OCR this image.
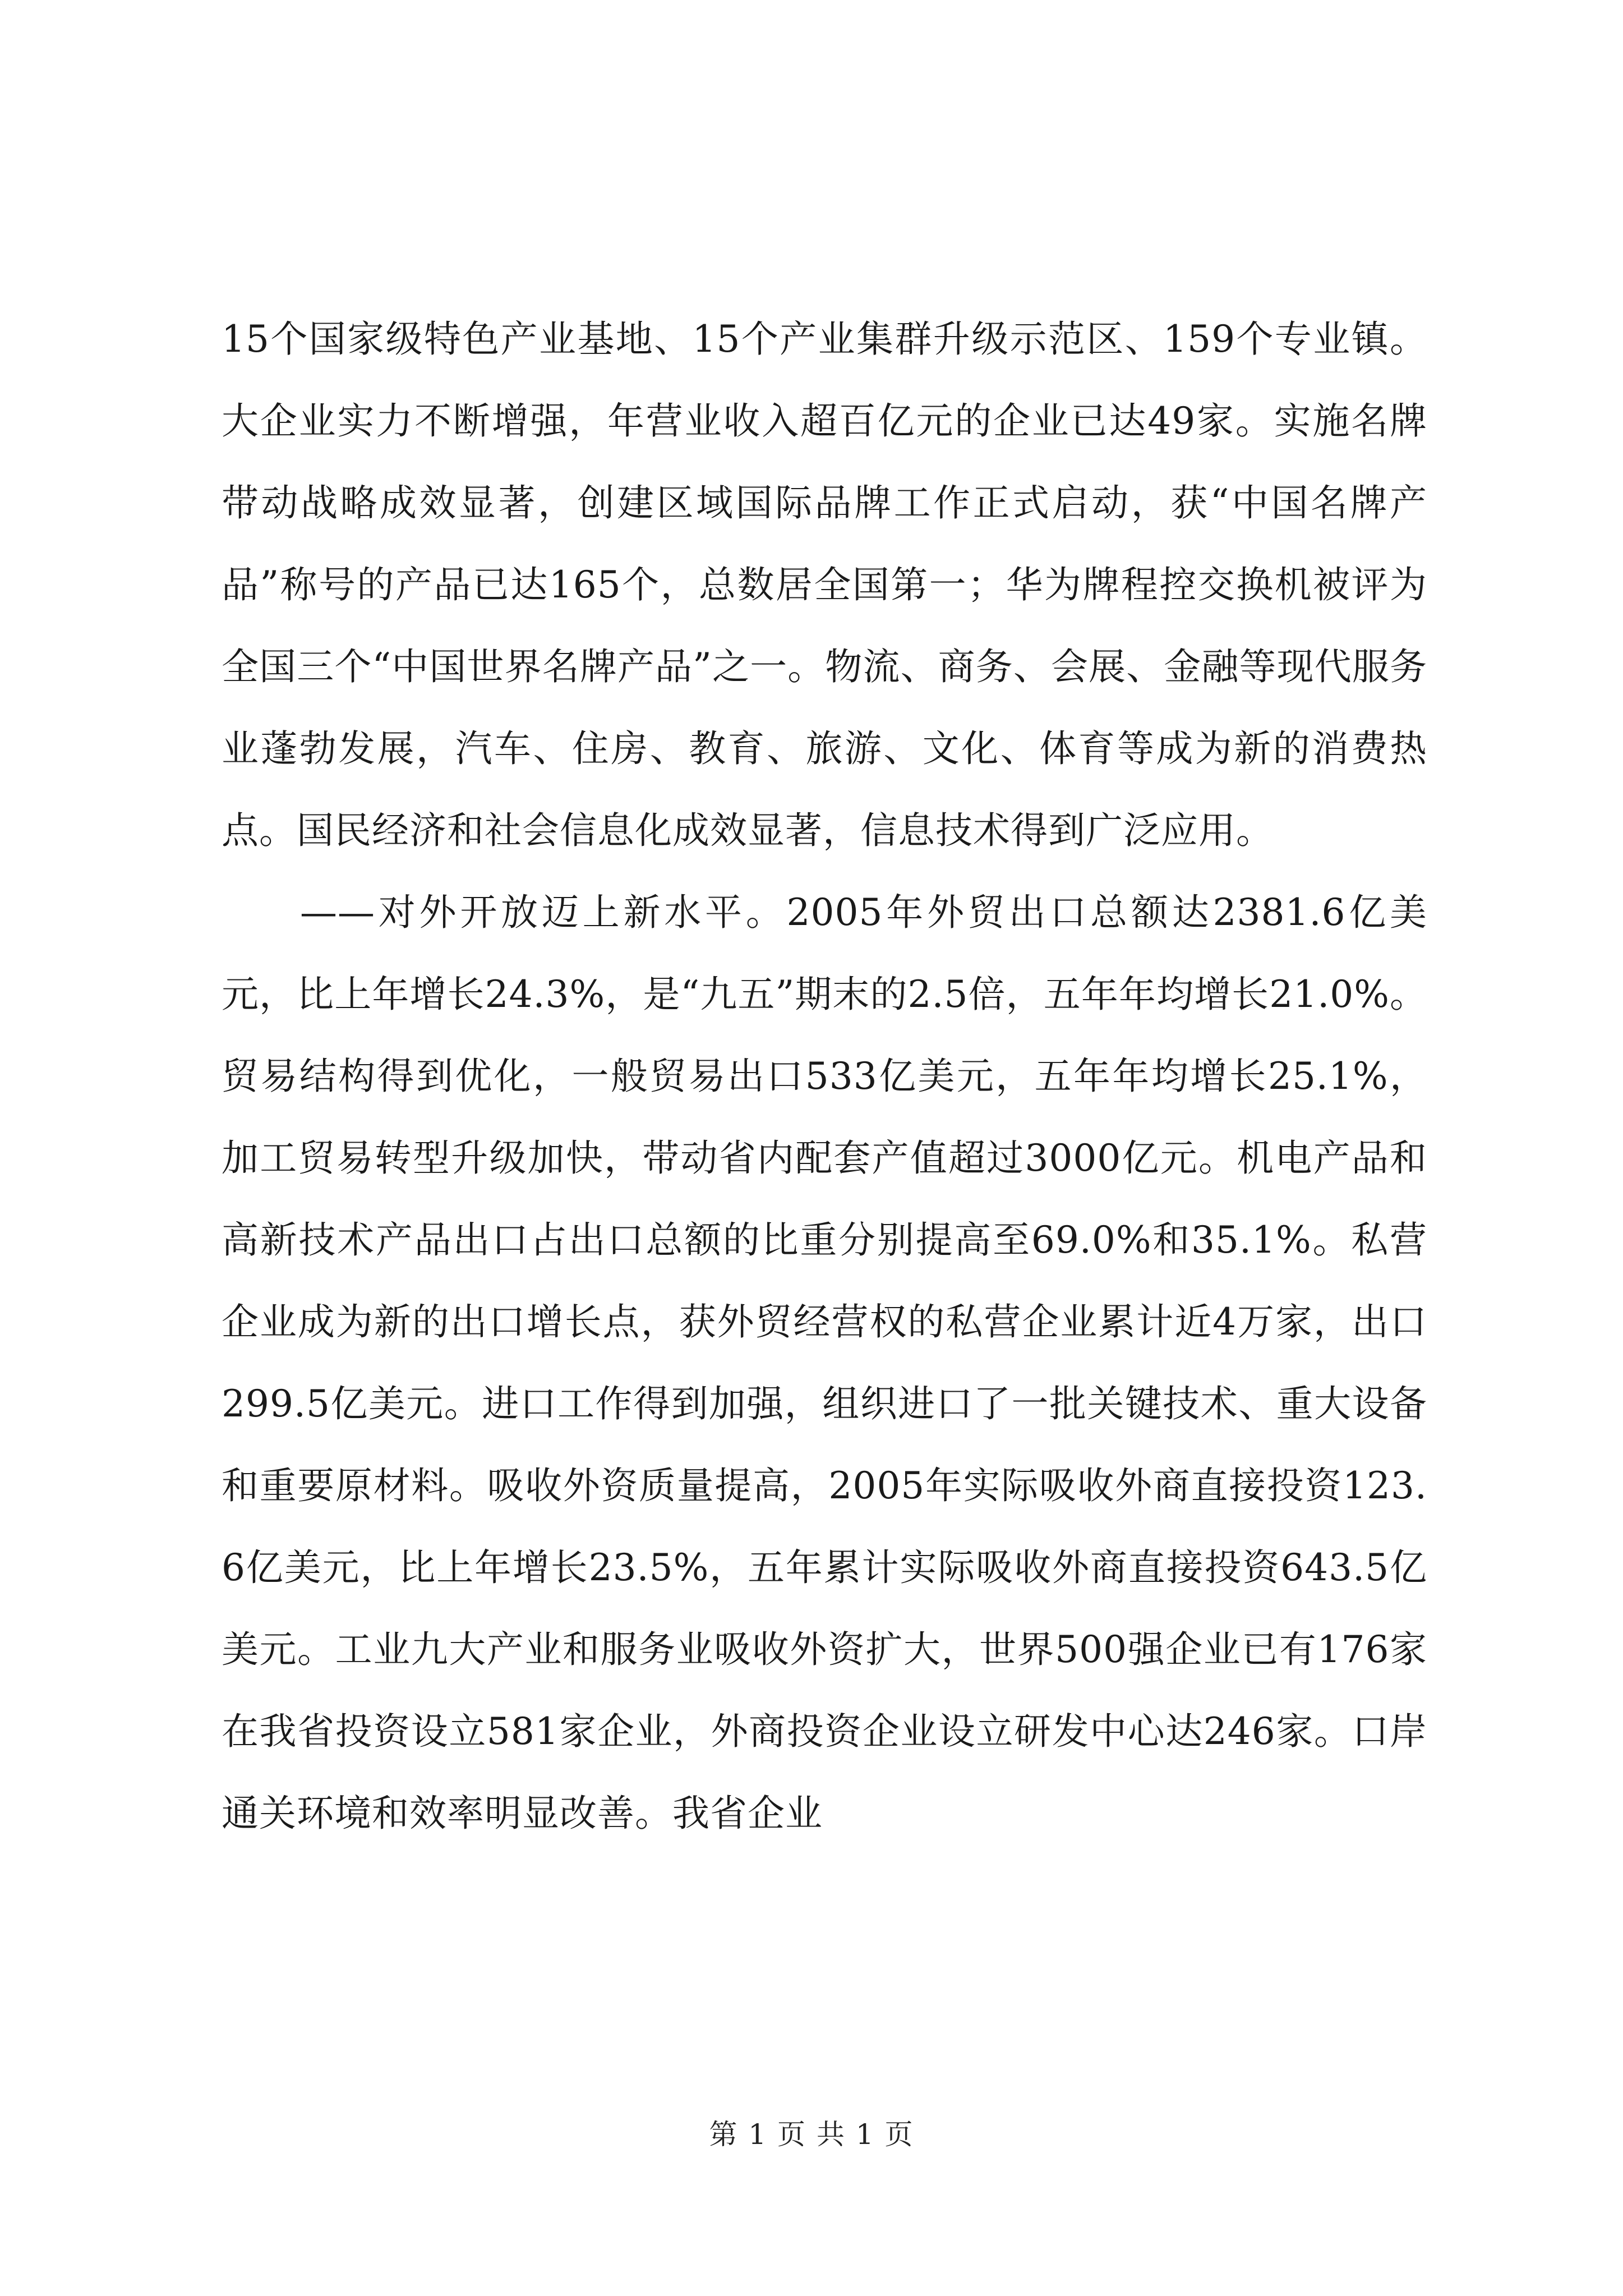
15个国家级特色产业基地、15个产业集群升级示范区、159个专业镇。大企业实力不断增强，年营业收入超百亿元的企业已达49家。实施名牌带动战略成效显著，创建区域国际品牌工作正式启动，获“中国名牌产品”称号的产品已达165个，总数居全国第一；华为牌程控交换机被评为全国三个“中国世界名牌产品”之一。物流、商务、会展、金融等现代服务业蓬勃发展，汽车、住房、教育、旅游、文化、体育等成为新的消费热点。国民经济和社会信息化成效显著，信息技术得到广泛应用。

——对外开放迈上新水平。2005年外贸出口总额达2381.6亿美元，比上年增长24.3%，是“九五”期末的2.5倍，五年年均增长21.0%。贸易结构得到优化，一般贸易出口533亿美元，五年年均增长25.1%，加工贸易转型升级加快，带动省内配套产值超过3000亿元。机电产品和高新技术产品出口占出口总额的比重分别提高至69.0%和35.1%。私营企业成为新的出口增长点，获外贸经营权的私营企业累计近4万家，出口299.5亿美元。进口工作得到加强，组织进口了一批关键技术、重大设备和重要原材料。吸收外资质量提高，2005年实际吸收外商直接投资123.6亿美元，比上年增长23.5%，五年累计实际吸收外商直接投资643.5亿美元。工业九大产业和服务业吸收外资扩大，世界500强企业已有176家在我省投资设立581家企业，外商投资企业设立研发中心达246家。口岸通关环境和效率明显改善。我省企业

第 1 页 共 1 页
